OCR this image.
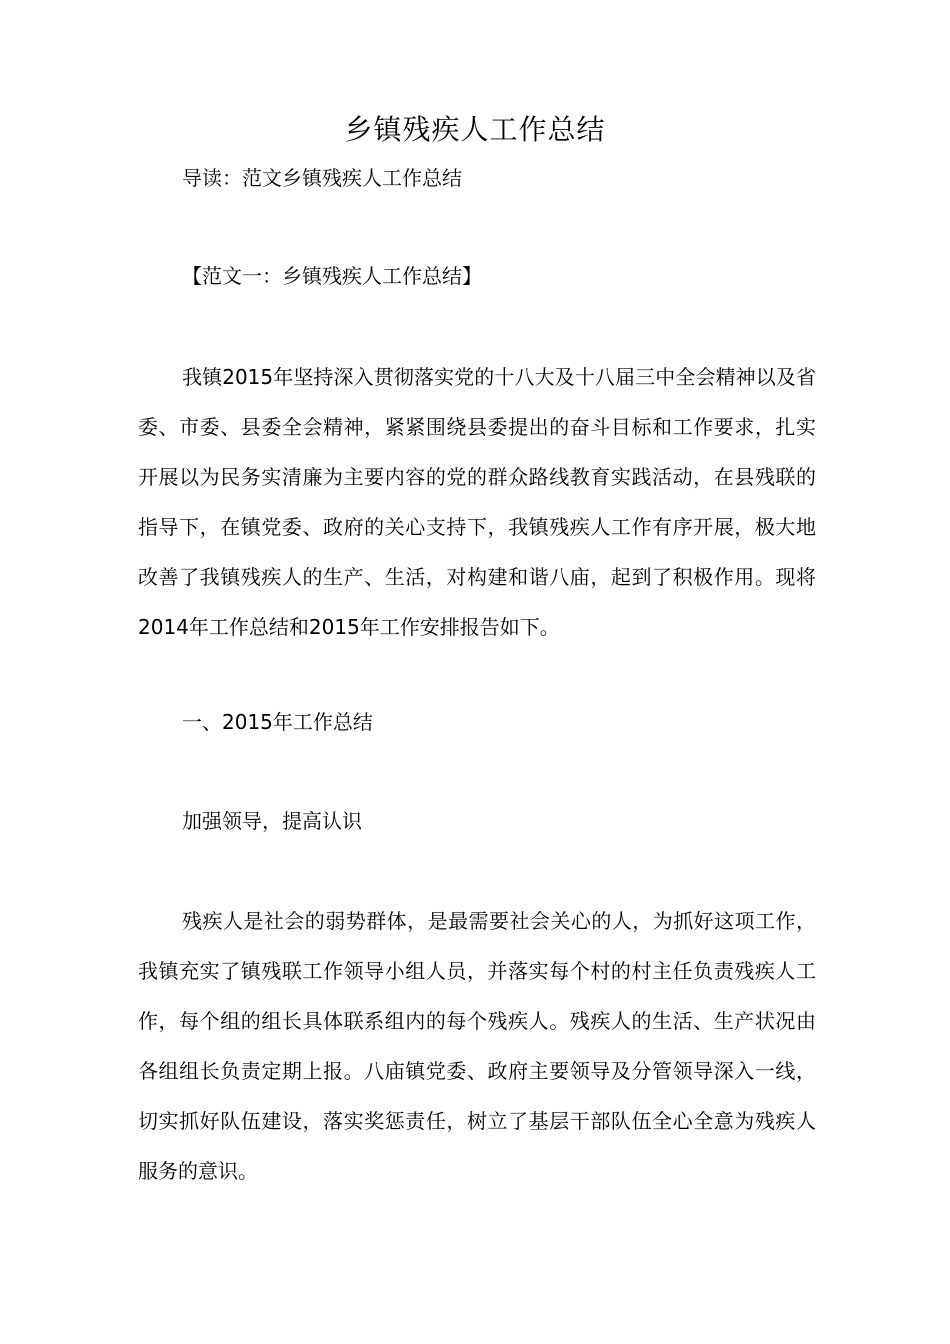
乡镇残疾人工作总结
导读：范文乡镇残疾人工作总结
【范文一：乡镇残疾人工作总结】
我镇2015年坚持深入贯彻落实党的十八大及十八届三中全会精神以及省委、市委、县委全会精神，紧紧围绕县委提出的奋斗目标和工作要求，扎实开展以为民务实清廉为主要内容的党的群众路线教育实践活动，在县残联的指导下，在镇党委、政府的关心支持下，我镇残疾人工作有序开展，极大地改善了我镇残疾人的生产、生活，对构建和谐八庙，起到了积极作用。现将2014年工作总结和2015年工作安排报告如下。
一、2015年工作总结
加强领导，提高认识
残疾人是社会的弱势群体，是最需要社会关心的人，为抓好这项工作，我镇充实了镇残联工作领导小组人员，并落实每个村的村主任负责残疾人工作，每个组的组长具体联系组内的每个残疾人。残疾人的生活、生产状况由各组组长负责定期上报。八庙镇党委、政府主要领导及分管领导深入一线，切实抓好队伍建设，落实奖惩责任，树立了基层干部队伍全心全意为残疾人服务的意识。
